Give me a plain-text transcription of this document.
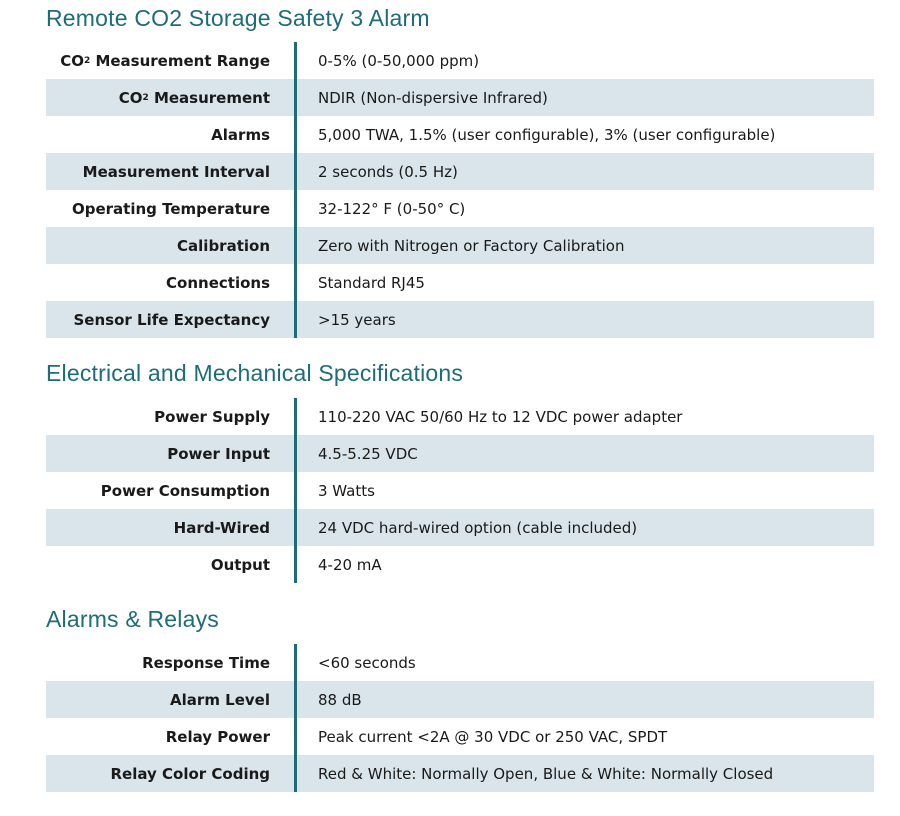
Remote CO2 Storage Safety 3 Alarm
CO 2 Measurement Range	0-5% (0-50,000 ppm)
CO 2 Measurement	NDIR (Non-dispersive Infrared)
Alarms	5,000 TWA, 1.5% (user configurable), 3% (user configurable)
Measurement Interval	2 seconds (0.5 Hz)
Operating Temperature	32-122° F (0-50° C)
Calibration	Zero with Nitrogen or Factory Calibration
Connections	Standard RJ45
Sensor Life Expectancy	>15 years
Electrical and Mechanical Specifications
Power Supply	110-220 VAC 50/60 Hz to 12 VDC power adapter
Power Input	4.5-5.25 VDC
Power Consumption	3 Watts
Hard-Wired	24 VDC hard-wired option (cable included)
Output	4-20 mA
Alarms & Relays
Response Time	<60 seconds
Alarm Level	88 dB
Relay Power	Peak current <2A @ 30 VDC or 250 VAC, SPDT
Relay Color Coding	Red & White: Normally Open, Blue & White: Normally Closed
